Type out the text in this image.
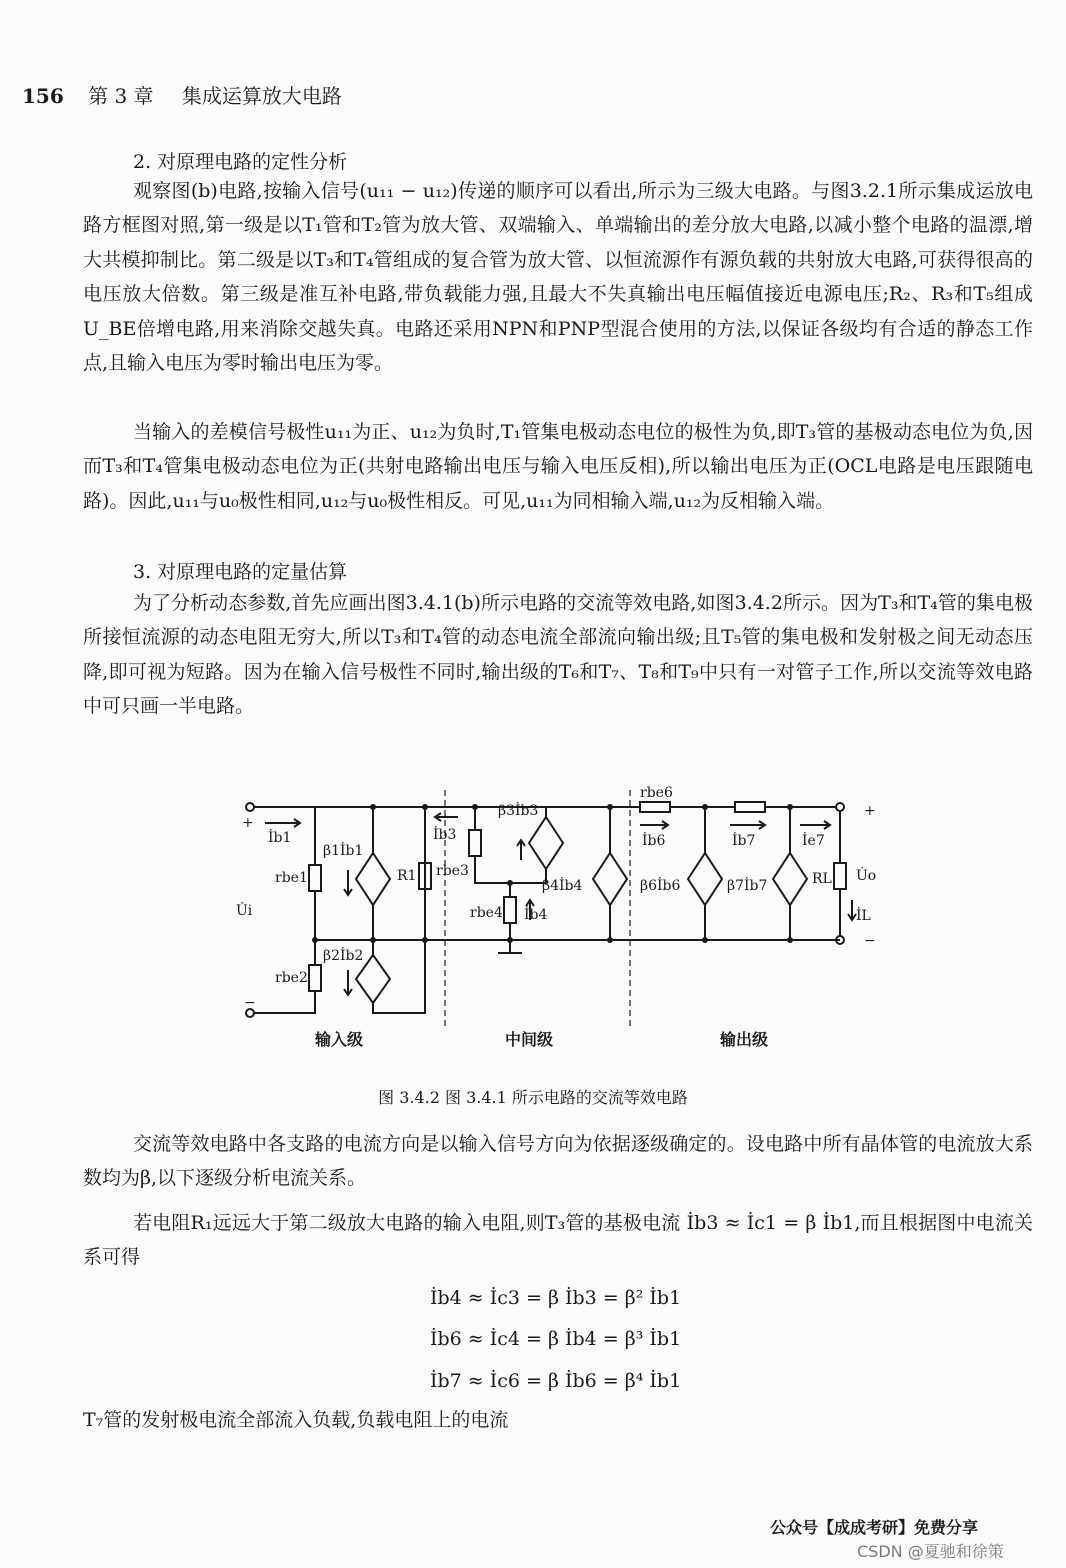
156 第 3 章 集成运算放大电路
2. 对原理电路的定性分析
观察图(b)电路,按输入信号(u₁₁ − u₁₂)传递的顺序可以看出,所示为三级大电路。与图3.2.1所示集成运放电路方框图对照,第一级是以T₁管和T₂管为放大管、双端输入、单端输出的差分放大电路,以减小整个电路的温漂,增大共模抑制比。第二级是以T₃和T₄管组成的复合管为放大管、以恒流源作有源负载的共射放大电路,可获得很高的电压放大倍数。第三级是准互补电路,带负载能力强,且最大不失真输出电压幅值接近电源电压;R₂、R₃和T₅组成U_BE倍增电路,用来消除交越失真。电路还采用NPN和PNP型混合使用的方法,以保证各级均有合适的静态工作点,且输入电压为零时输出电压为零。
当输入的差模信号极性u₁₁为正、u₁₂为负时,T₁管集电极动态电位的极性为负,即T₃管的基极动态电位为负,因而T₃和T₄管集电极动态电位为正(共射电路输出电压与输入电压反相),所以输出电压为正(OCL电路是电压跟随电路)。因此,u₁₁与u₀极性相同,u₁₂与u₀极性相反。可见,u₁₁为同相输入端,u₁₂为反相输入端。
3. 对原理电路的定量估算
为了分析动态参数,首先应画出图3.4.1(b)所示电路的交流等效电路,如图3.4.2所示。因为T₃和T₄管的集电极所接恒流源的动态电阻无穷大,所以T₃和T₄管的动态电流全部流向输出级;且T₅管的集电极和发射极之间无动态压降,即可视为短路。因为在输入信号极性不同时,输出级的T₆和T₇、T₈和T₉中只有一对管子工作,所以交流等效电路中可只画一半电路。
+
−
+
−
İb1
rbe1
rbe2
U̇i
β1İb1
β2İb2
R1
İb3
rbe3
β3İb3
rbe4 İb4
β4İb4
rbe6
İb6
β6İb6
İb7
β7İb7
İe7
RL U̇o
İL
输入级	中间级	输出级
图 3.4.2 图 3.4.1 所示电路的交流等效电路
交流等效电路中各支路的电流方向是以输入信号方向为依据逐级确定的。设电路中所有晶体管的电流放大系数均为β,以下逐级分析电流关系。
若电阻R₁远远大于第二级放大电路的输入电阻,则T₃管的基极电流 İb3 ≈ İc1 = β İb1,而且根据图中电流关系可得
İb4 ≈ İc3 = β İb3 = β² İb1
İb6 ≈ İc4 = β İb4 = β³ İb1
İb7 ≈ İc6 = β İb6 = β⁴ İb1
T₇管的发射极电流全部流入负载,负载电阻上的电流
公众号【成成考研】免费分享
CSDN @夏驰和徐策
